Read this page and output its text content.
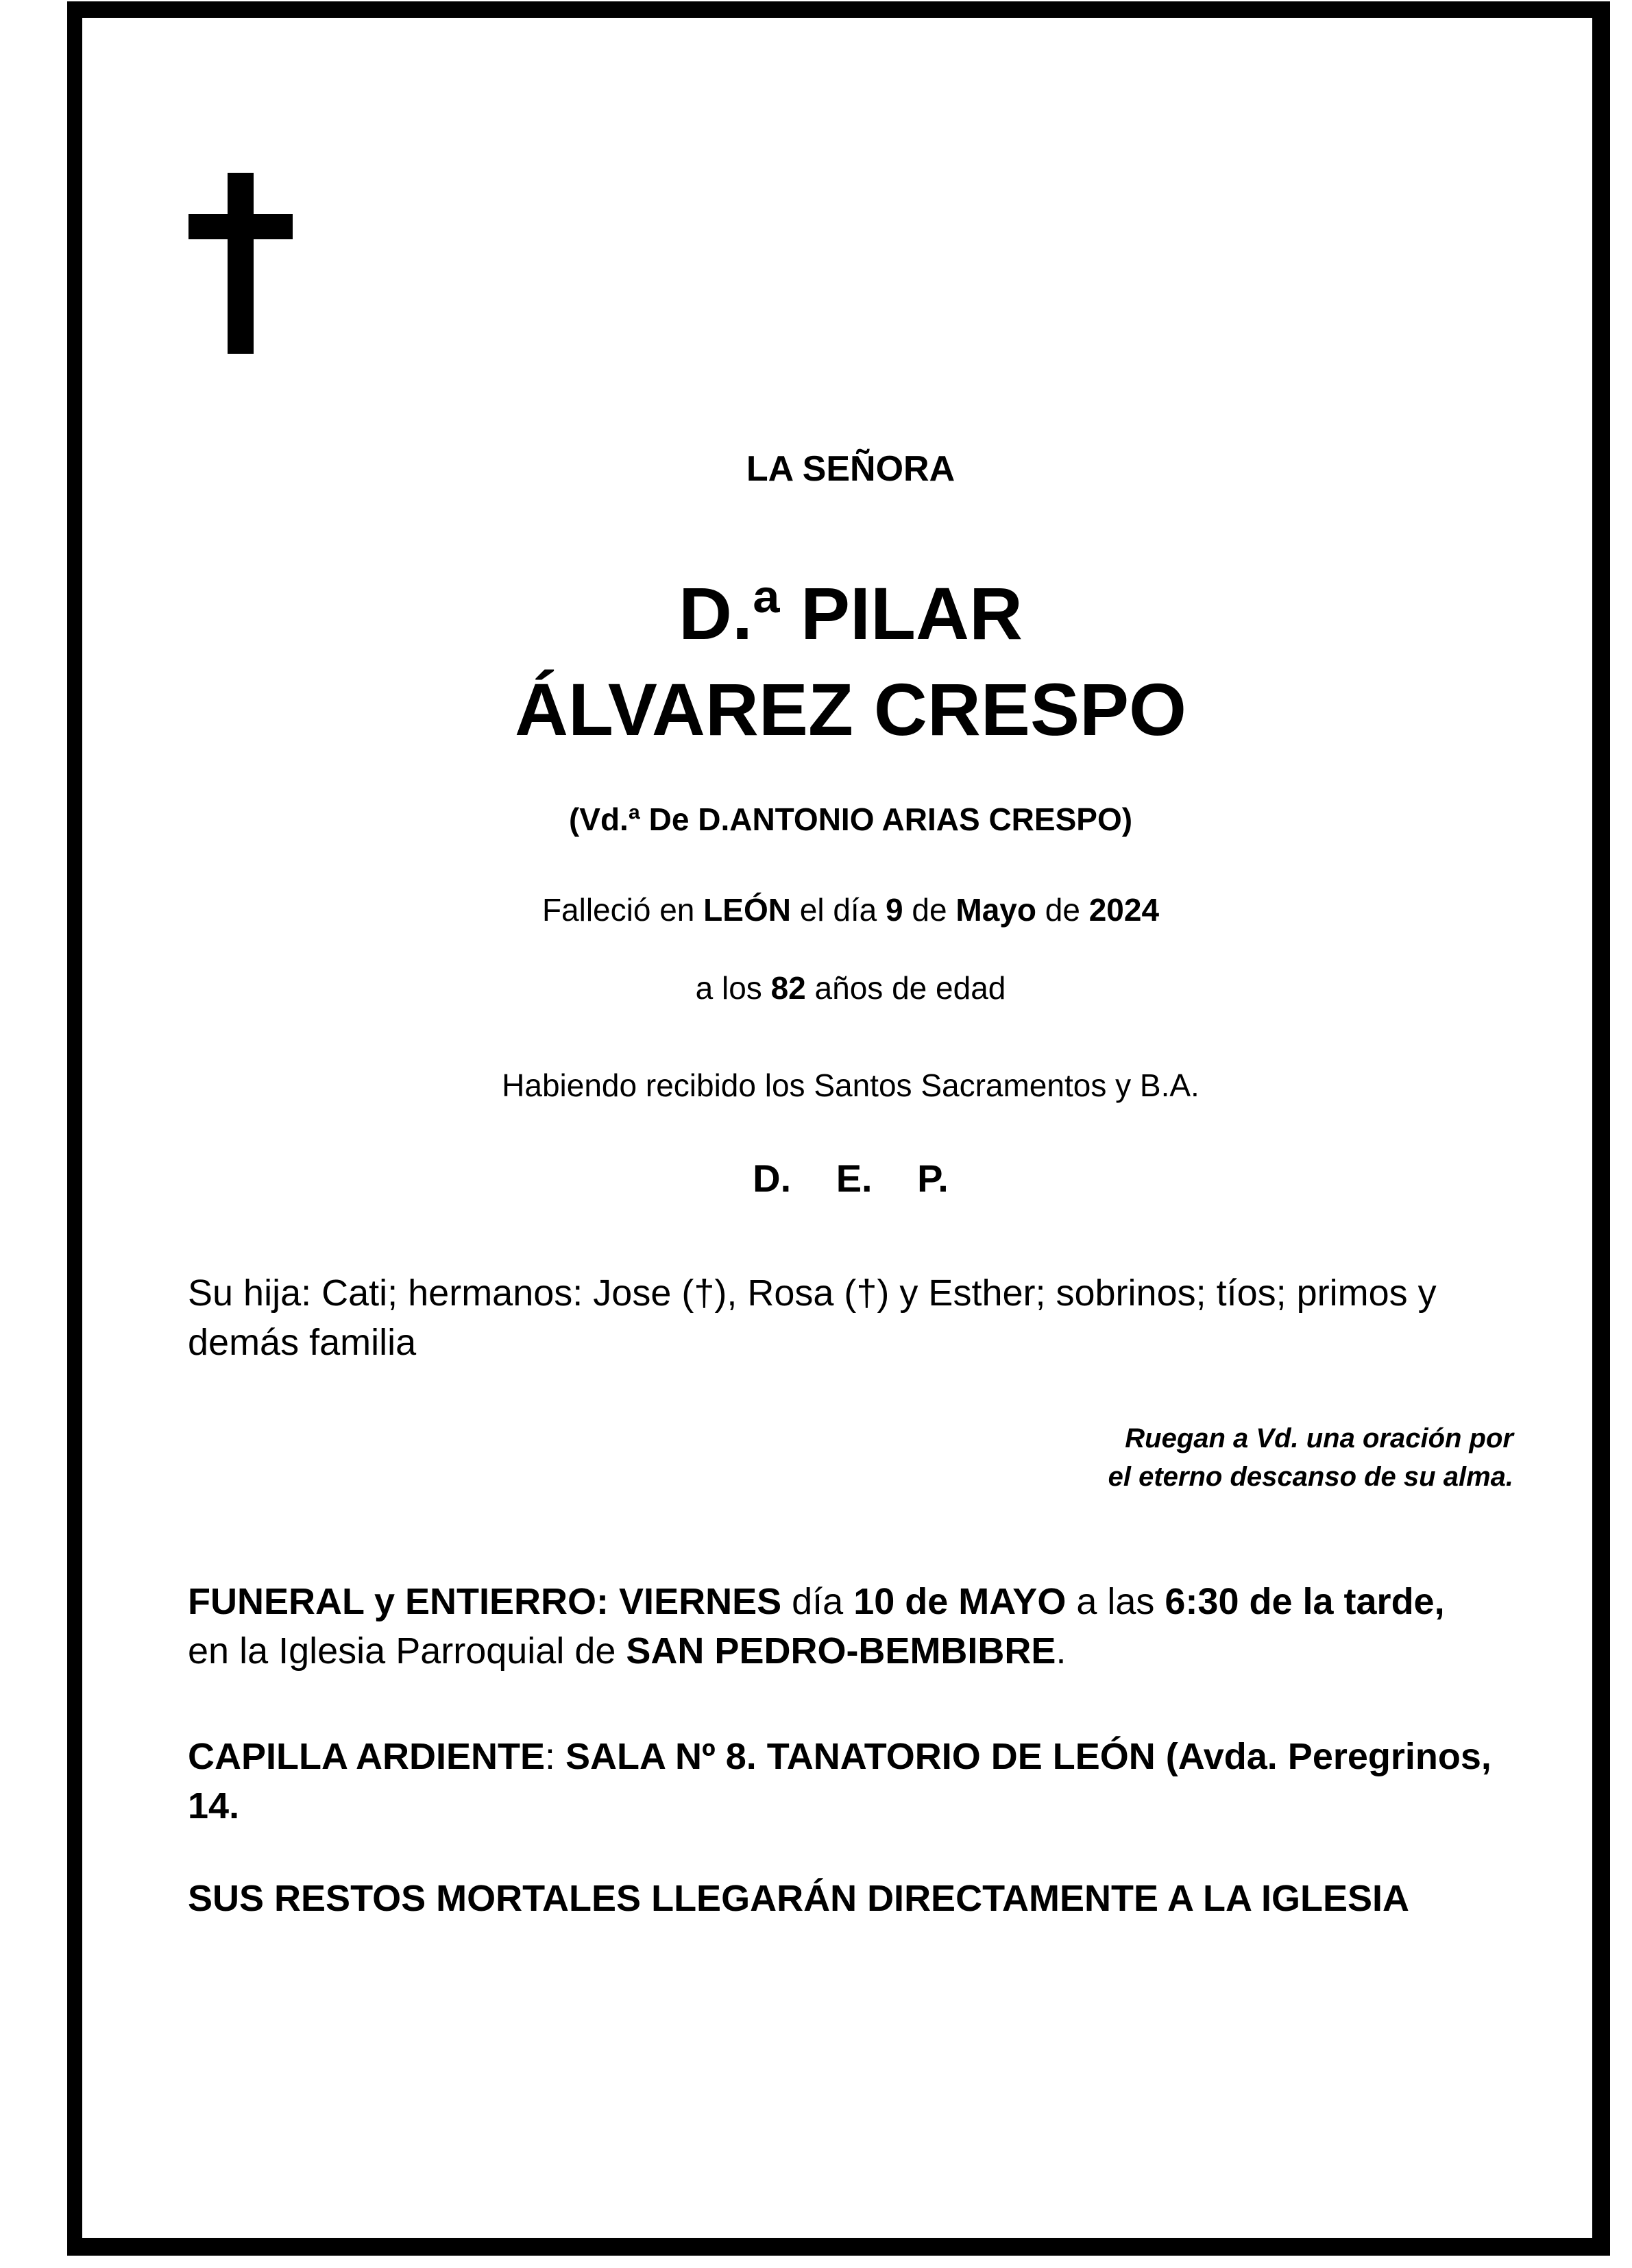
LA SEÑORA
D.ª PILAR
ÁLVAREZ CRESPO
(Vd.ª De D.ANTONIO ARIAS CRESPO)
Falleció en LEÓN el día 9 de Mayo de 2024
a los 82 años de edad
Habiendo recibido los Santos Sacramentos y B.A.
D. E. P.
Su hija: Cati; hermanos: Jose (†), Rosa (†) y Esther; sobrinos; tíos; primos y demás familia
Ruegan a Vd. una oración por
el eterno descanso de su alma.
FUNERAL y ENTIERRO: VIERNES día 10 de MAYO a las 6:30 de la tarde,
en la Iglesia Parroquial de SAN PEDRO-BEMBIBRE.
CAPILLA ARDIENTE: SALA Nº 8. TANATORIO DE LEÓN (Avda. Peregrinos, 14.
SUS RESTOS MORTALES LLEGARÁN DIRECTAMENTE A LA IGLESIA
